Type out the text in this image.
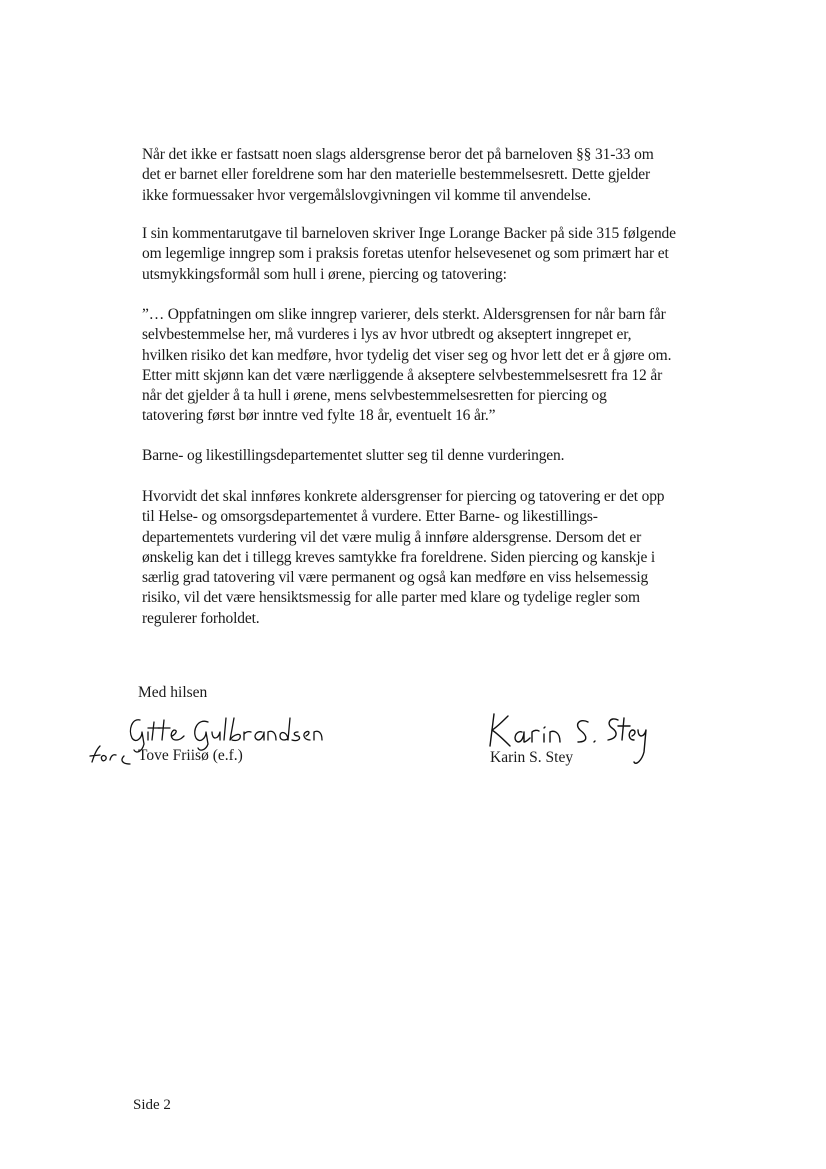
Når det ikke er fastsatt noen slags aldersgrense beror det på barneloven §§ 31-33 om
det er barnet eller foreldrene som har den materielle bestemmelsesrett. Dette gjelder
ikke formuessaker hvor vergemålslovgivningen vil komme til anvendelse.

I sin kommentarutgave til barneloven skriver Inge Lorange Backer på side 315 følgende
om legemlige inngrep som i praksis foretas utenfor helsevesenet og som primært har et
utsmykkingsformål som hull i ørene, piercing og tatovering:

”… Oppfatningen om slike inngrep varierer, dels sterkt. Aldersgrensen for når barn får
selvbestemmelse her, må vurderes i lys av hvor utbredt og akseptert inngrepet er,
hvilken risiko det kan medføre, hvor tydelig det viser seg og hvor lett det er å gjøre om.
Etter mitt skjønn kan det være nærliggende å akseptere selvbestemmelsesrett fra 12 år
når det gjelder å ta hull i ørene, mens selvbestemmelsesretten for piercing og
tatovering først bør inntre ved fylte 18 år, eventuelt 16 år.”

Barne- og likestillingsdepartementet slutter seg til denne vurderingen.

Hvorvidt det skal innføres konkrete aldersgrenser for piercing og tatovering er det opp
til Helse- og omsorgsdepartementet å vurdere. Etter Barne- og likestillings-
departementets vurdering vil det være mulig å innføre aldersgrense. Dersom det er
ønskelig kan det i tillegg kreves samtykke fra foreldrene. Siden piercing og kanskje i
særlig grad tatovering vil være permanent og også kan medføre en viss helsemessig
risiko, vil det være hensiktsmessig for alle parter med klare og tydelige regler som
regulerer forholdet.

Med hilsen

Tove Friisø (e.f.)	Karin S. Stey

Side 2
